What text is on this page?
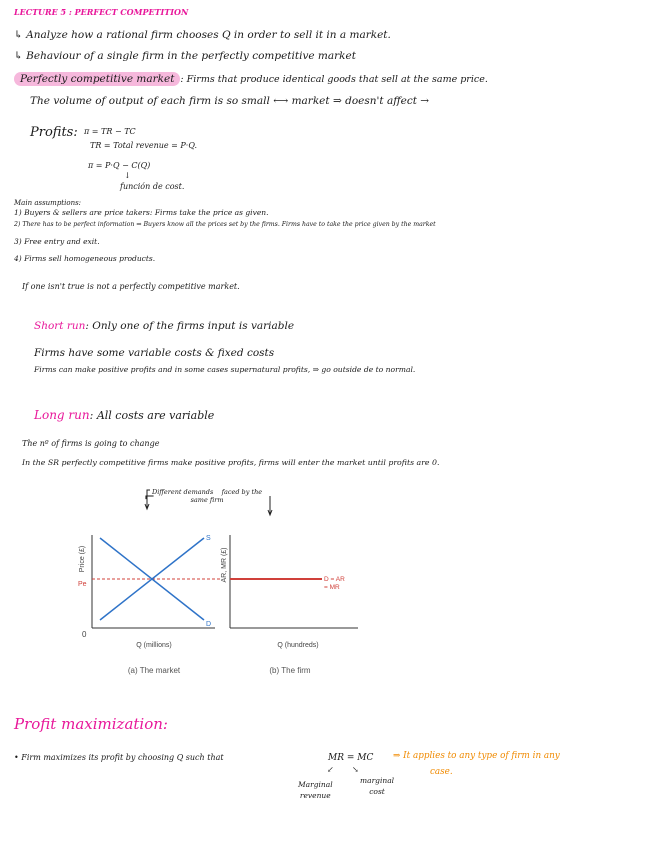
LECTURE 5 : PERFECT COMPETITION
↳ Analyze how a rational firm chooses Q in order to sell it in a market.
↳ Behaviour of a single firm in the perfectly competitive market
Perfectly competitive market : Firms that produce identical goods that sell at the same price.
The volume of output of each firm is so small ⟷ market ⇒ doesn't affect →
Profits: π = TR − TC
TR = Total revenue = P·Q.
π = P·Q − C(Q)
↓
función de cost.
Main assumptions:
1) Buyers & sellers are price takers: Firms take the price as given.
2) There has to be perfect information ⇒ Buyers know all the prices set by the firms. Firms have to take the price given by the market
3) Free entry and exit.
4) Firms sell homogeneous products.
If one isn't true is not a perfectly competitive market.
Short run: Only one of the firms input is variable
Firms have some variable costs & fixed costs
Firms can make positive profits and in some cases supernatural profits, ⇒ go outside de to normal.
Long run: All costs are variable
The nº of firms is going to change
In the SR perfectly competitive firms make positive profits, firms will enter the market until profits are 0.
⌐
Different demands faced by the
same firm
Price (£)
Q (millions)
0
Pe
S
D
(a) The market
AR, MR (£)
Q (hundreds)
D = AR
= MR
(b) The firm
Profit maximization:
• Firm maximizes its profit by choosing Q such that	MR = MC ⇒ It applies to any type of firm in any
case.
↙ ↘
Marginal
revenue
marginal
cost
